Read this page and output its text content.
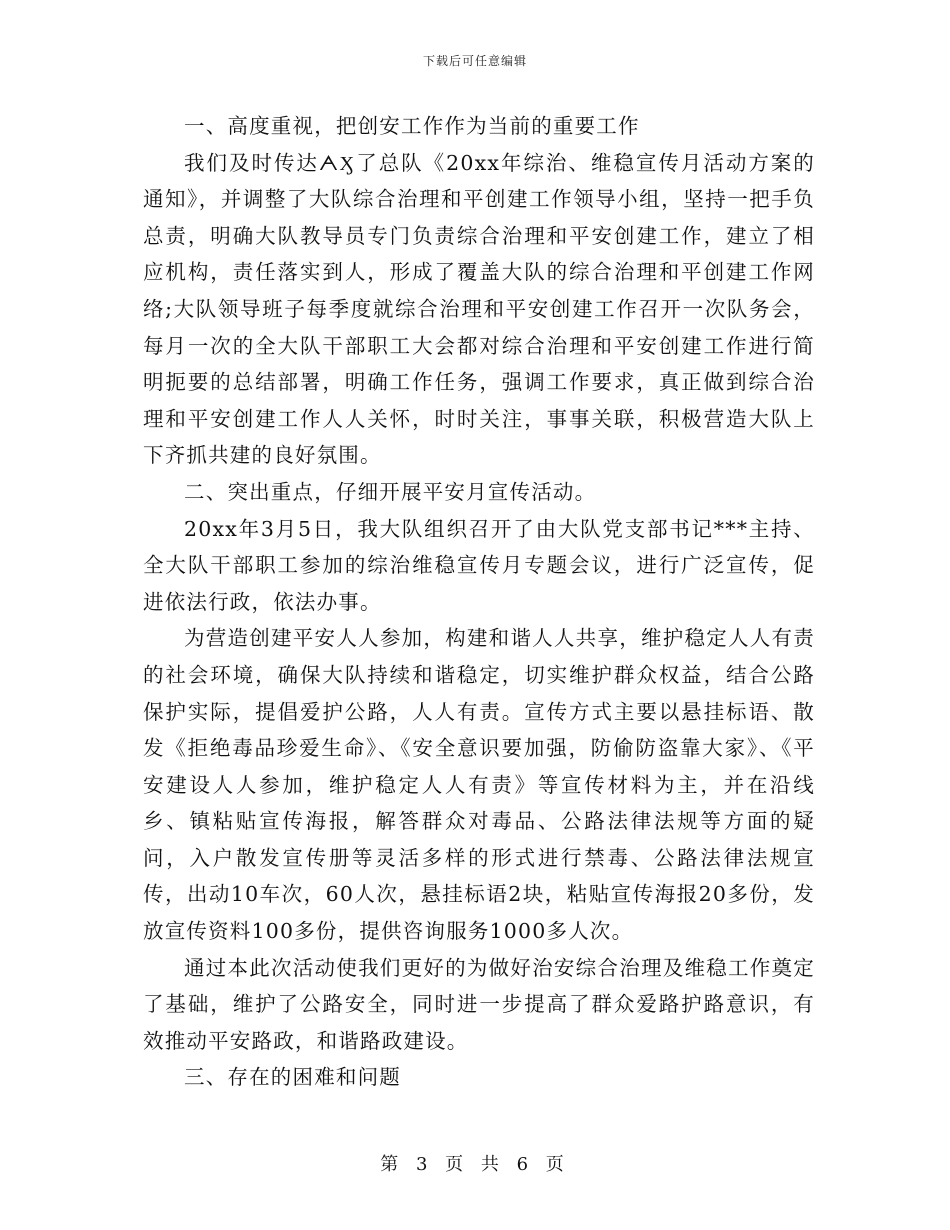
下载后可任意编辑

一、高度重视，把创安工作作为当前的重要工作

我们及时传达ᗅӼ了总队《20xx年综治、维稳宣传月活动方案的通知》，并调整了大队综合治理和平创建工作领导小组，坚持一把手负总责，明确大队教导员专门负责综合治理和平安创建工作，建立了相应机构，责任落实到人，形成了覆盖大队的综合治理和平创建工作网络;大队领导班子每季度就综合治理和平安创建工作召开一次队务会，每月一次的全大队干部职工大会都对综合治理和平安创建工作进行简明扼要的总结部署，明确工作任务，强调工作要求，真正做到综合治理和平安创建工作人人关怀，时时关注，事事关联，积极营造大队上下齐抓共建的良好氛围。

二、突出重点，仔细开展平安月宣传活动。

20xx年3月5日，我大队组织召开了由大队党支部书记***主持、全大队干部职工参加的综治维稳宣传月专题会议，进行广泛宣传，促进依法行政，依法办事。

为营造创建平安人人参加，构建和谐人人共享，维护稳定人人有责的社会环境，确保大队持续和谐稳定，切实维护群众权益，结合公路保护实际，提倡爱护公路，人人有责。宣传方式主要以悬挂标语、散发《拒绝毒品珍爱生命》、《安全意识要加强，防偷防盗靠大家》、《平安建设人人参加，维护稳定人人有责》等宣传材料为主，并在沿线乡、镇粘贴宣传海报，解答群众对毒品、公路法律法规等方面的疑问，入户散发宣传册等灵活多样的形式进行禁毒、公路法律法规宣传，出动10车次，60人次，悬挂标语2块，粘贴宣传海报20多份，发放宣传资料100多份，提供咨询服务1000多人次。

通过本此次活动使我们更好的为做好治安综合治理及维稳工作奠定了基础，维护了公路安全，同时进一步提高了群众爱路护路意识，有效推动平安路政，和谐路政建设。

三、存在的困难和问题

第 3 页 共 6 页
